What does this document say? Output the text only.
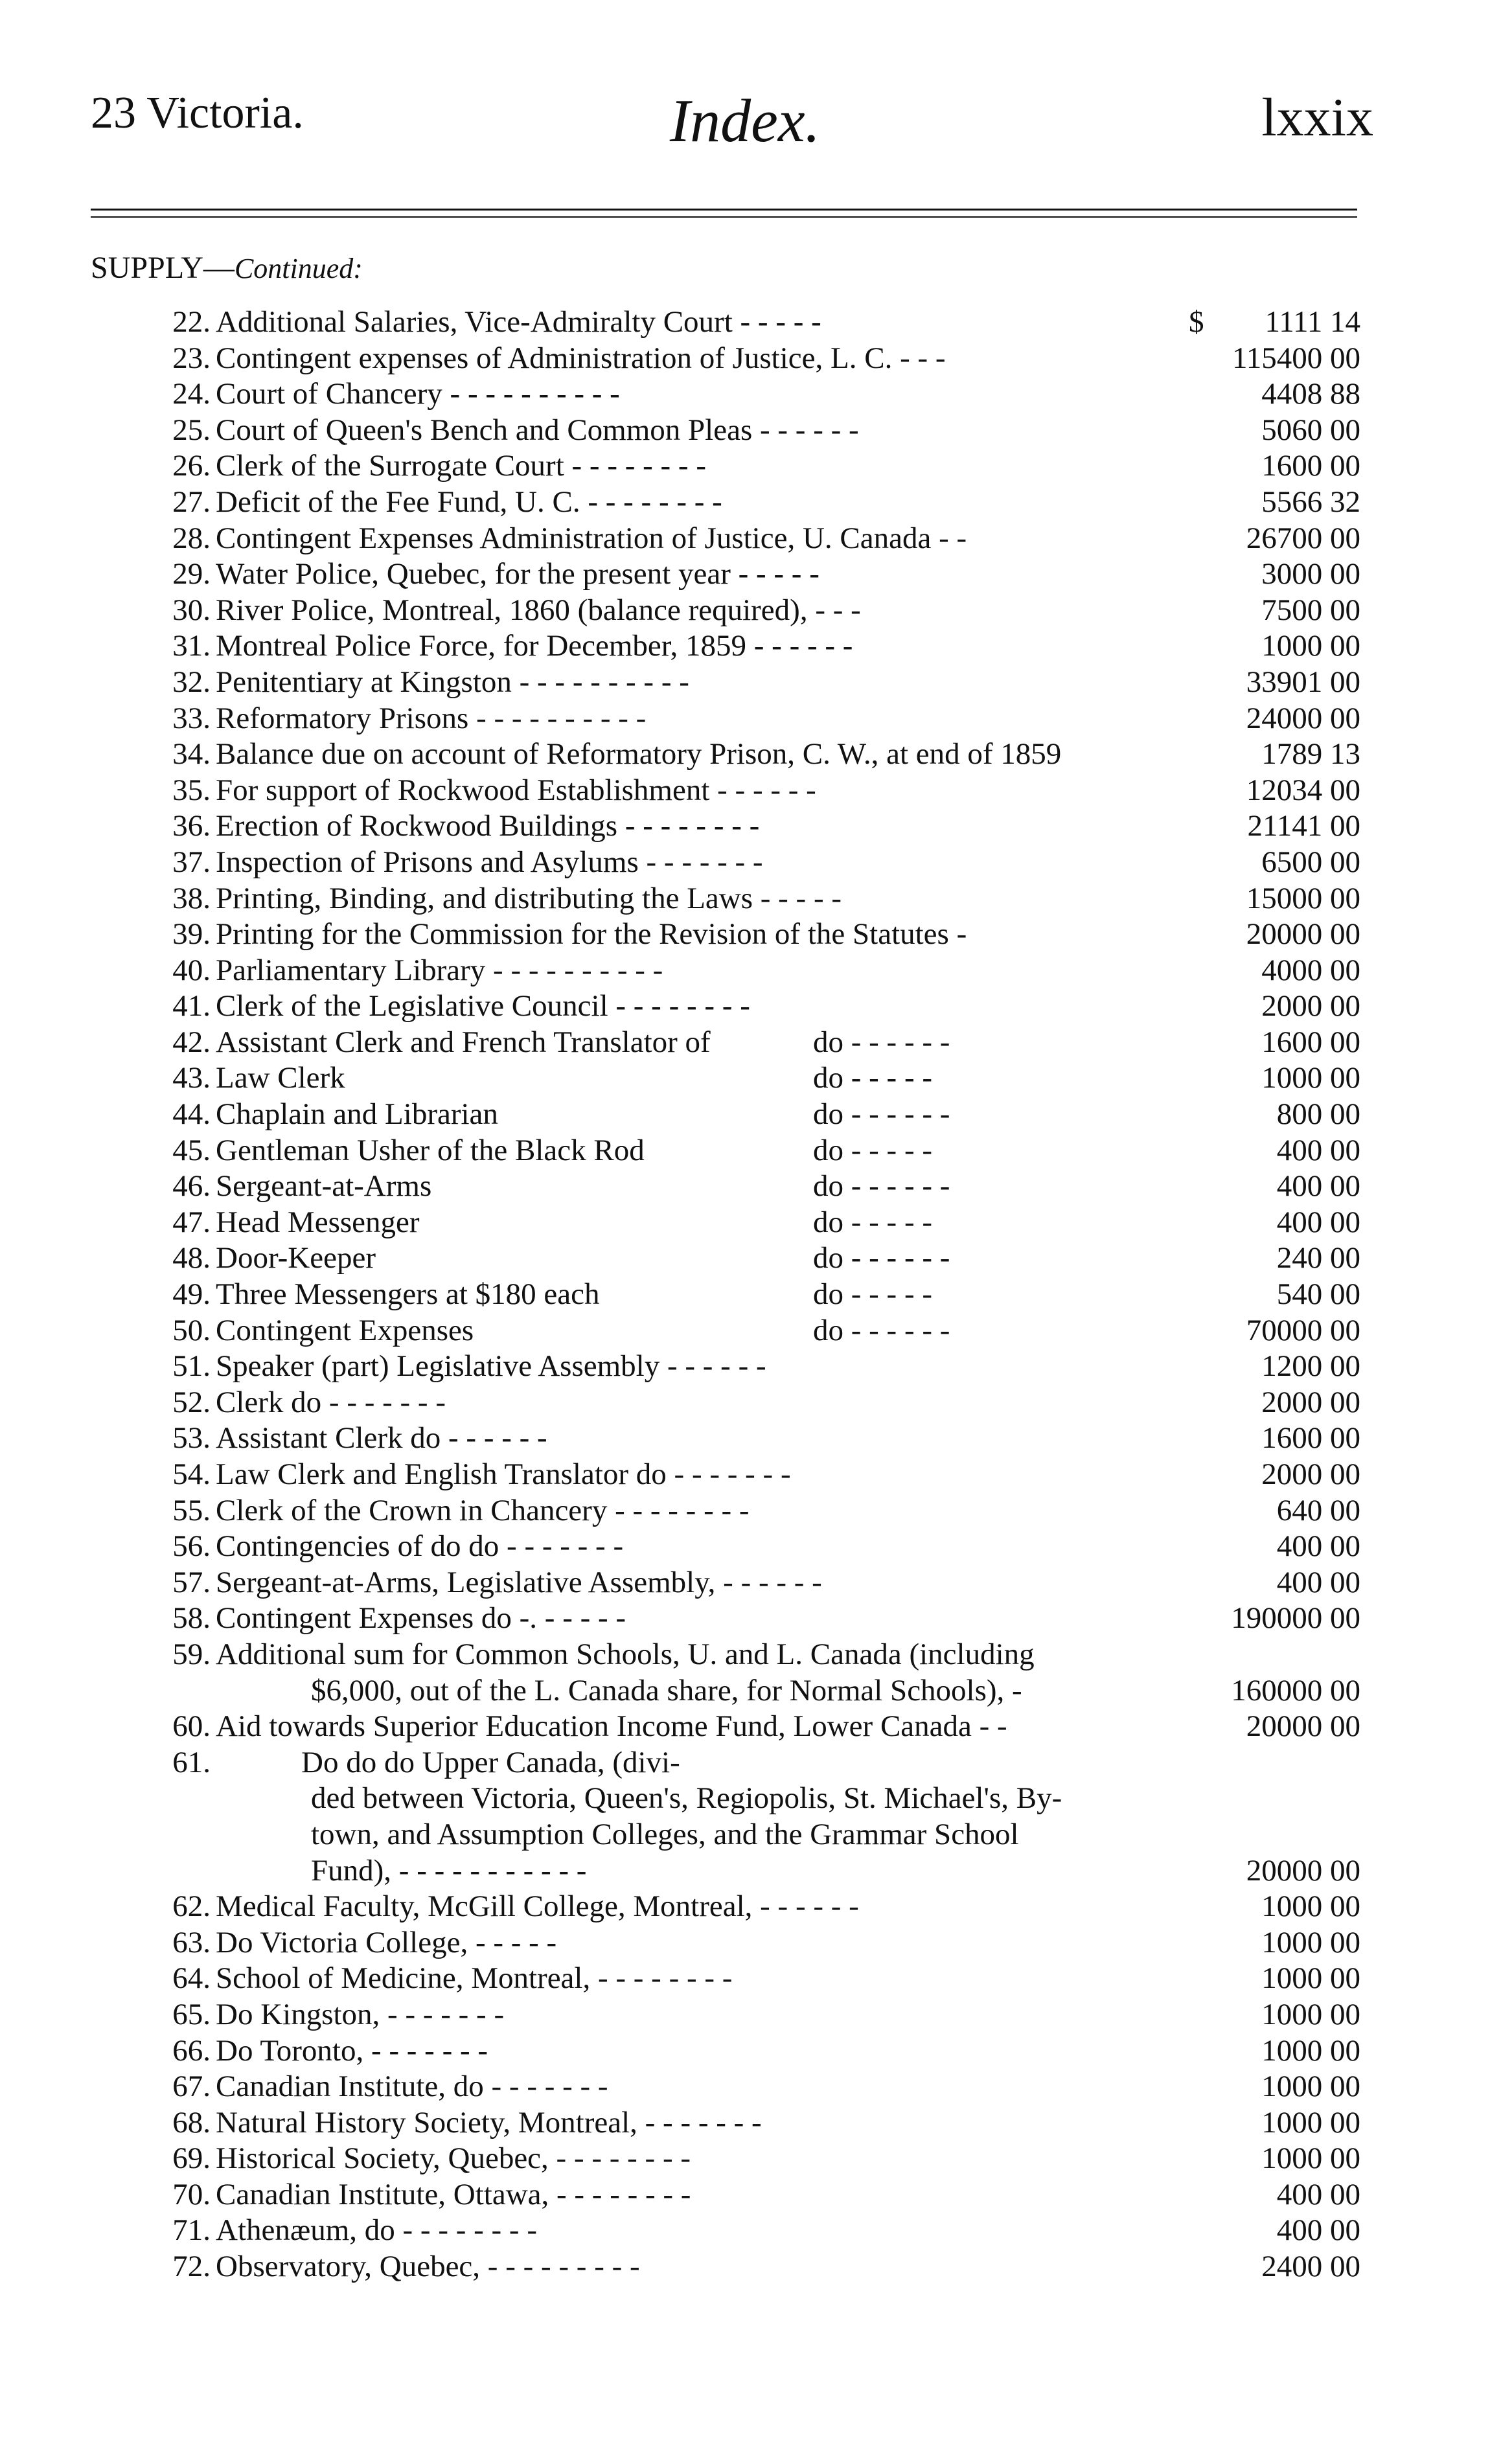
23 Victoria.	Index.	lxxix
SUPPLY—Continued:
22. Additional Salaries, Vice-Admiralty Court - - - - -	$ 1111 14
23. Contingent expenses of Administration of Justice, L. C. - - -	115400 00
24. Court of Chancery - - - - - - - - - -	4408 88
25. Court of Queen's Bench and Common Pleas - - - - - -	5060 00
26. Clerk of the Surrogate Court - - - - - - - -	1600 00
27. Deficit of the Fee Fund, U. C. - - - - - - - -	5566 32
28. Contingent Expenses Administration of Justice, U. Canada - -	26700 00
29. Water Police, Quebec, for the present year - - - - -	3000 00
30. River Police, Montreal, 1860 (balance required), - - -	7500 00
31. Montreal Police Force, for December, 1859 - - - - - -	1000 00
32. Penitentiary at Kingston - - - - - - - - - -	33901 00
33. Reformatory Prisons - - - - - - - - - -	24000 00
34. Balance due on account of Reformatory Prison, C. W., at end of 1859	1789 13
35. For support of Rockwood Establishment - - - - - -	12034 00
36. Erection of Rockwood Buildings - - - - - - - -	21141 00
37. Inspection of Prisons and Asylums - - - - - - -	6500 00
38. Printing, Binding, and distributing the Laws - - - - -	15000 00
39. Printing for the Commission for the Revision of the Statutes -	20000 00
40. Parliamentary Library - - - - - - - - - -	4000 00
41. Clerk of the Legislative Council - - - - - - - -	2000 00
42. Assistant Clerk and French Translator of	do - - - - - -	1600 00
43. Law Clerk	do - - - - -	1000 00
44. Chaplain and Librarian	do - - - - - -	800 00
45. Gentleman Usher of the Black Rod	do - - - - -	400 00
46. Sergeant-at-Arms	do - - - - - -	400 00
47. Head Messenger	do - - - - -	400 00
48. Door-Keeper	do - - - - - -	240 00
49. Three Messengers at $180 each	do - - - - -	540 00
50. Contingent Expenses	do - - - - - -	70000 00
51. Speaker (part) Legislative Assembly - - - - - -	1200 00
52. Clerk do - - - - - - -	2000 00
53. Assistant Clerk do - - - - - -	1600 00
54. Law Clerk and English Translator do - - - - - - -	2000 00
55. Clerk of the Crown in Chancery - - - - - - - -	640 00
56. Contingencies of do do - - - - - - -	400 00
57. Sergeant-at-Arms, Legislative Assembly, - - - - - -	400 00
58. Contingent Expenses do -. - - - - -	190000 00
59. Additional sum for Common Schools, U. and L. Canada (including
$6,000, out of the L. Canada share, for Normal Schools), -	160000 00
60. Aid towards Superior Education Income Fund, Lower Canada - -	20000 00
61.	Do do do Upper Canada, (divi-
ded between Victoria, Queen's, Regiopolis, St. Michael's, By-
town, and Assumption Colleges, and the Grammar School
Fund), - - - - - - - - - - -	20000 00
62. Medical Faculty, McGill College, Montreal, - - - - - -	1000 00
63. Do Victoria College, - - - - -	1000 00
64. School of Medicine, Montreal, - - - - - - - -	1000 00
65. Do Kingston, - - - - - - -	1000 00
66. Do Toronto, - - - - - - -	1000 00
67. Canadian Institute, do - - - - - - -	1000 00
68. Natural History Society, Montreal, - - - - - - -	1000 00
69. Historical Society, Quebec, - - - - - - - -	1000 00
70. Canadian Institute, Ottawa, - - - - - - - -	400 00
71. Athenæum, do - - - - - - - -	400 00
72. Observatory, Quebec, - - - - - - - - -	2400 00
